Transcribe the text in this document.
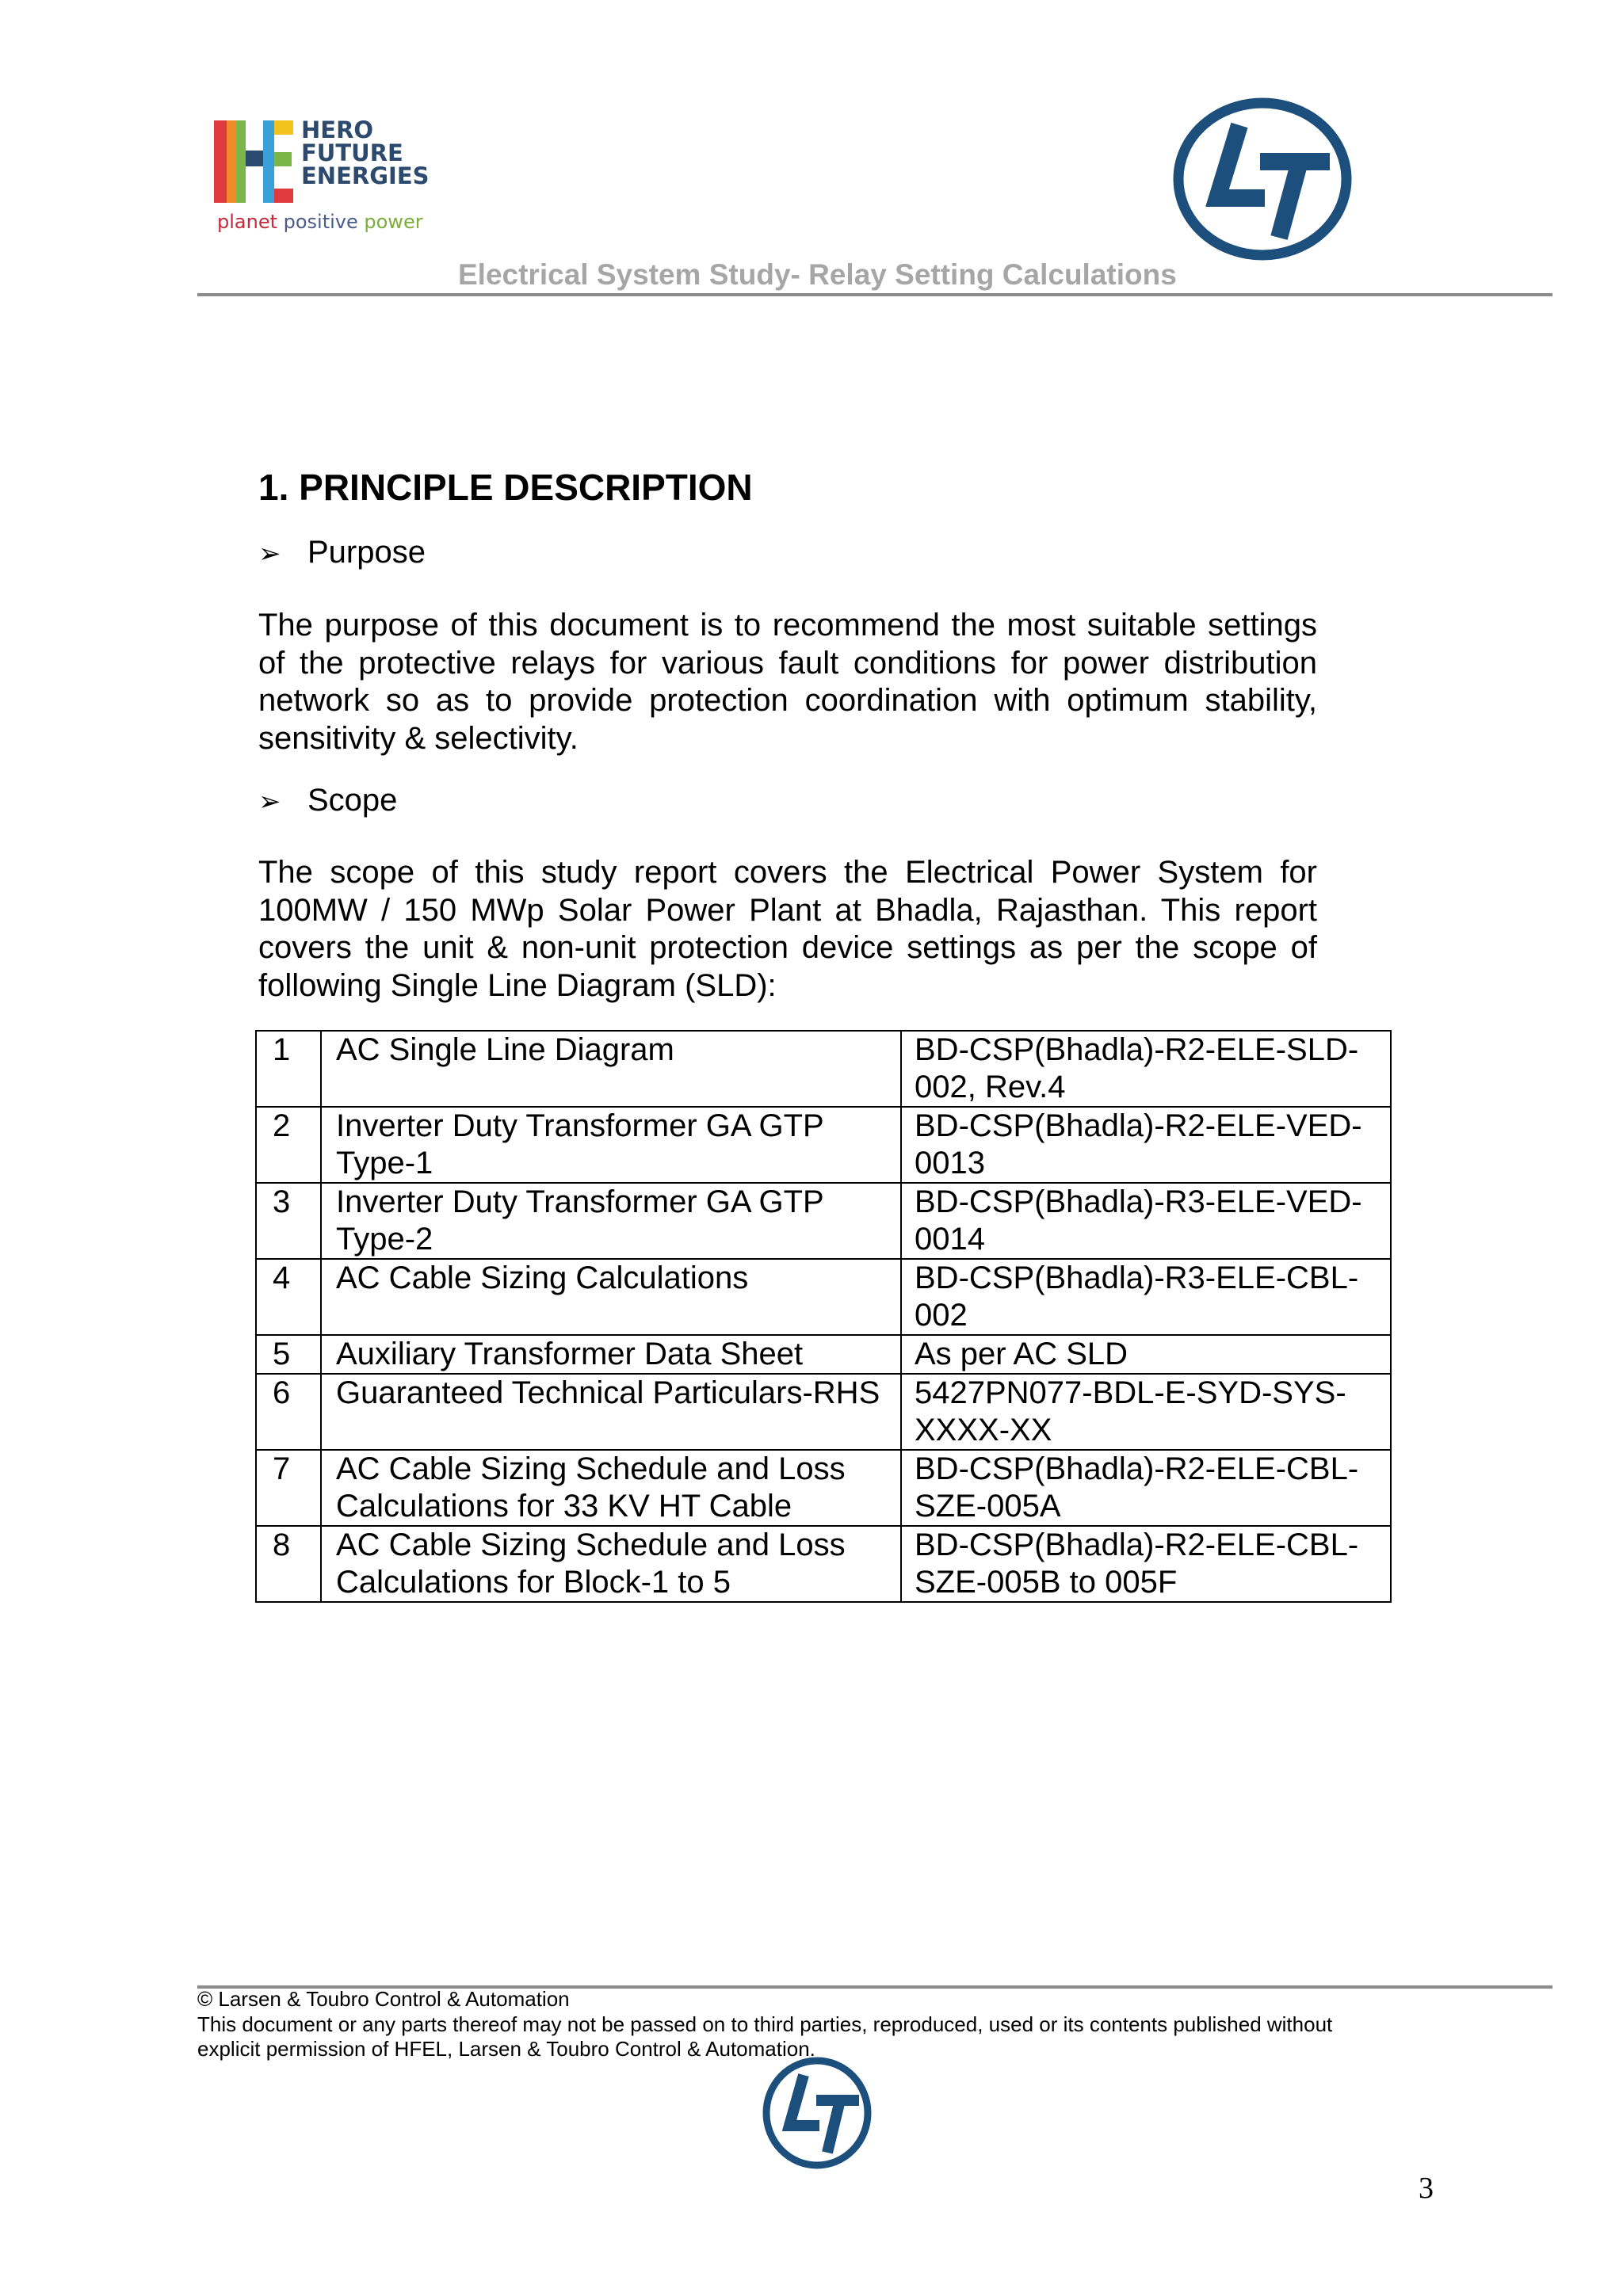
HERO
FUTURE
ENERGIES
planet positive power
Electrical System Study- Relay Setting Calculations
1. PRINCIPLE DESCRIPTION
➢ Purpose
The purpose of this document is to recommend the most suitable settings of the protective relays for various fault conditions for power distribution network so as to provide protection coordination with optimum stability, sensitivity & selectivity.
➢ Scope
The scope of this study report covers the Electrical Power System for 100MW / 150 MWp Solar Power Plant at Bhadla, Rajasthan. This report covers the unit & non-unit protection device settings as per the scope of following Single Line Diagram (SLD):
1	AC Single Line Diagram	BD-CSP(Bhadla)-R2-ELE-SLD-002, Rev.4
2	Inverter Duty Transformer GA GTP Type-1	BD-CSP(Bhadla)-R2-ELE-VED-0013
3	Inverter Duty Transformer GA GTP Type-2	BD-CSP(Bhadla)-R3-ELE-VED-0014
4	AC Cable Sizing Calculations	BD-CSP(Bhadla)-R3-ELE-CBL-002
5	Auxiliary Transformer Data Sheet	As per AC SLD
6	Guaranteed Technical Particulars-RHS	5427PN077-BDL-E-SYD-SYS-XXXX-XX
7	AC Cable Sizing Schedule and Loss Calculations for 33 KV HT Cable	BD-CSP(Bhadla)-R2-ELE-CBL-SZE-005A
8	AC Cable Sizing Schedule and Loss Calculations for Block-1 to 5	BD-CSP(Bhadla)-R2-ELE-CBL-SZE-005B to 005F
© Larsen & Toubro Control & Automation
This document or any parts thereof may not be passed on to third parties, reproduced, used or its contents published without
explicit permission of HFEL, Larsen & Toubro Control & Automation.
3
